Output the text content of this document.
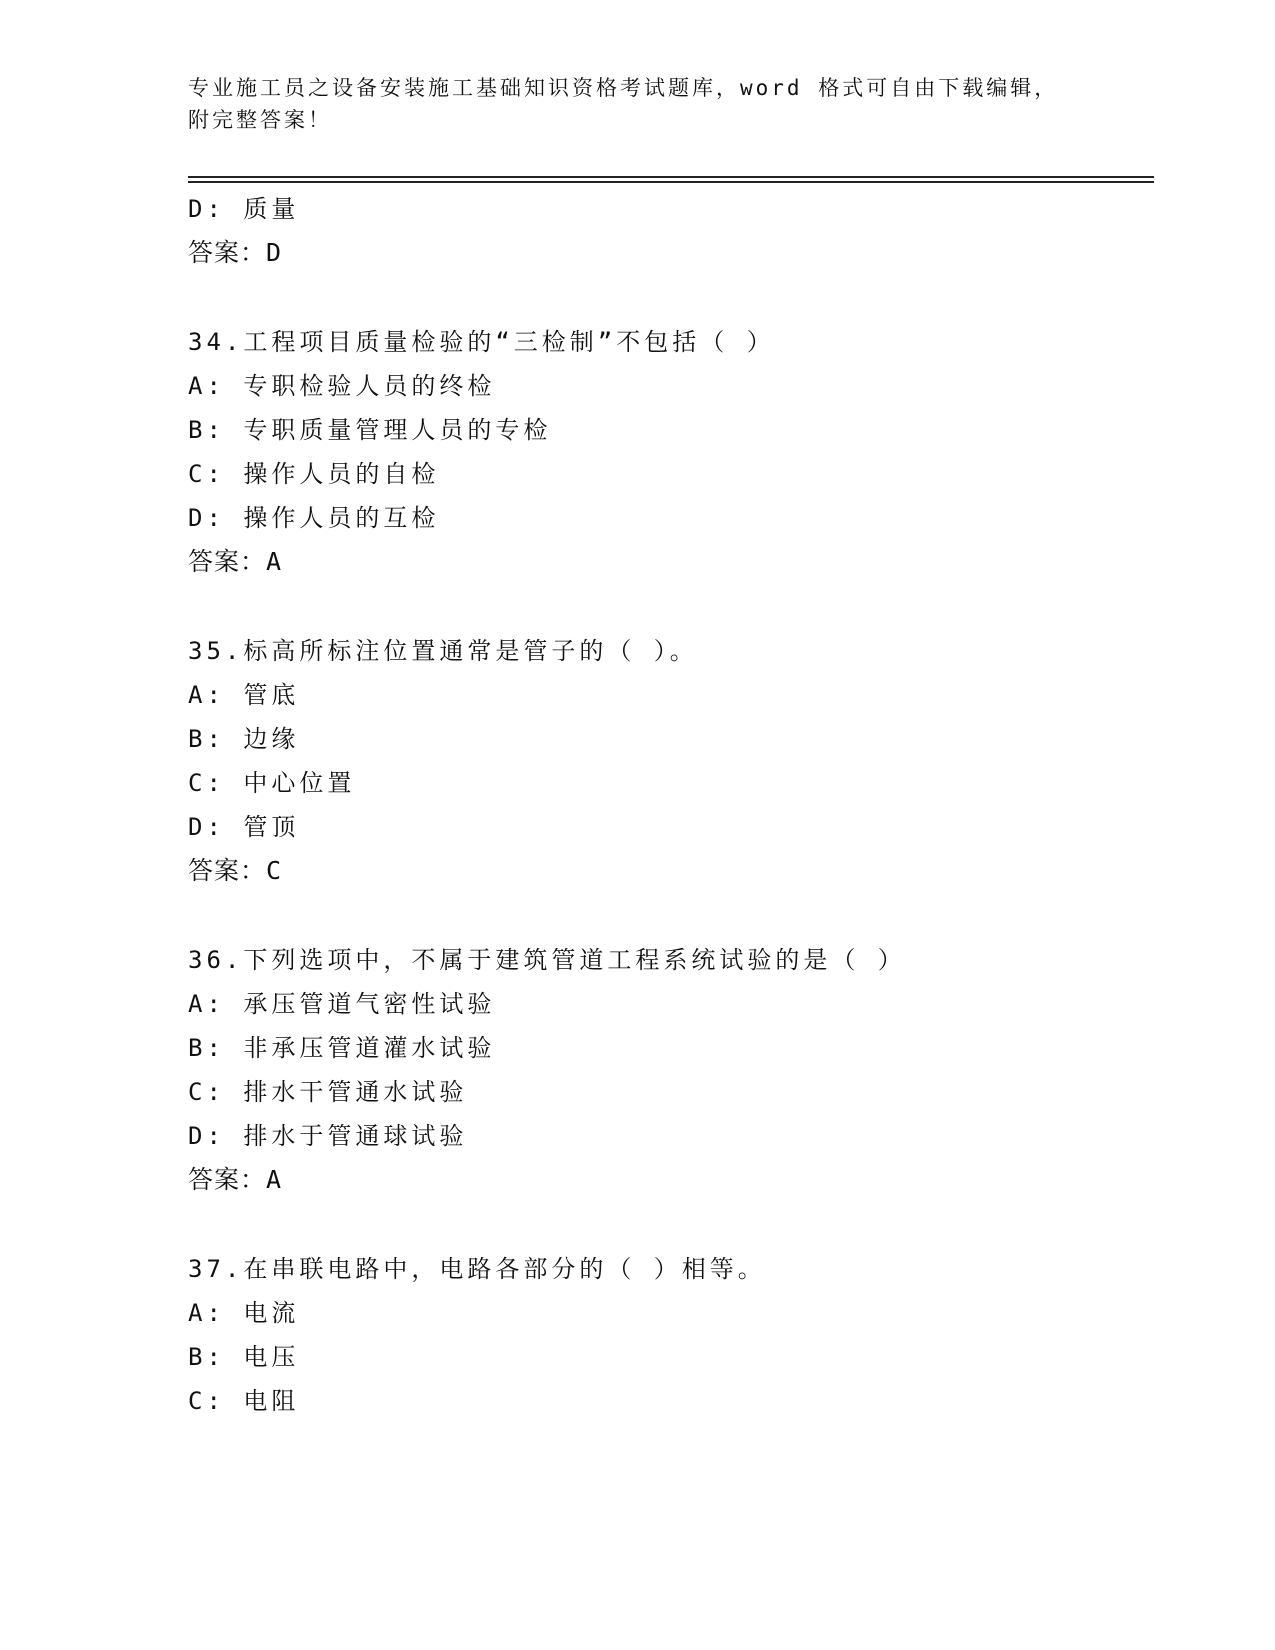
专业施工员之设备安装施工基础知识资格考试题库，word 格式可自由下载编辑，
附完整答案！
D: 质量
答案：D
34.工程项目质量检验的“三检制”不包括（ ）
A: 专职检验人员的终检
B: 专职质量管理人员的专检
C: 操作人员的自检
D: 操作人员的互检
答案：A
35.标高所标注位置通常是管子的（ ）。
A: 管底
B: 边缘
C: 中心位置
D: 管顶
答案：C
36.下列选项中，不属于建筑管道工程系统试验的是（ ）
A: 承压管道气密性试验
B: 非承压管道灌水试验
C: 排水干管通水试验
D: 排水于管通球试验
答案：A
37.在串联电路中，电路各部分的（ ）相等。
A: 电流
B: 电压
C: 电阻
